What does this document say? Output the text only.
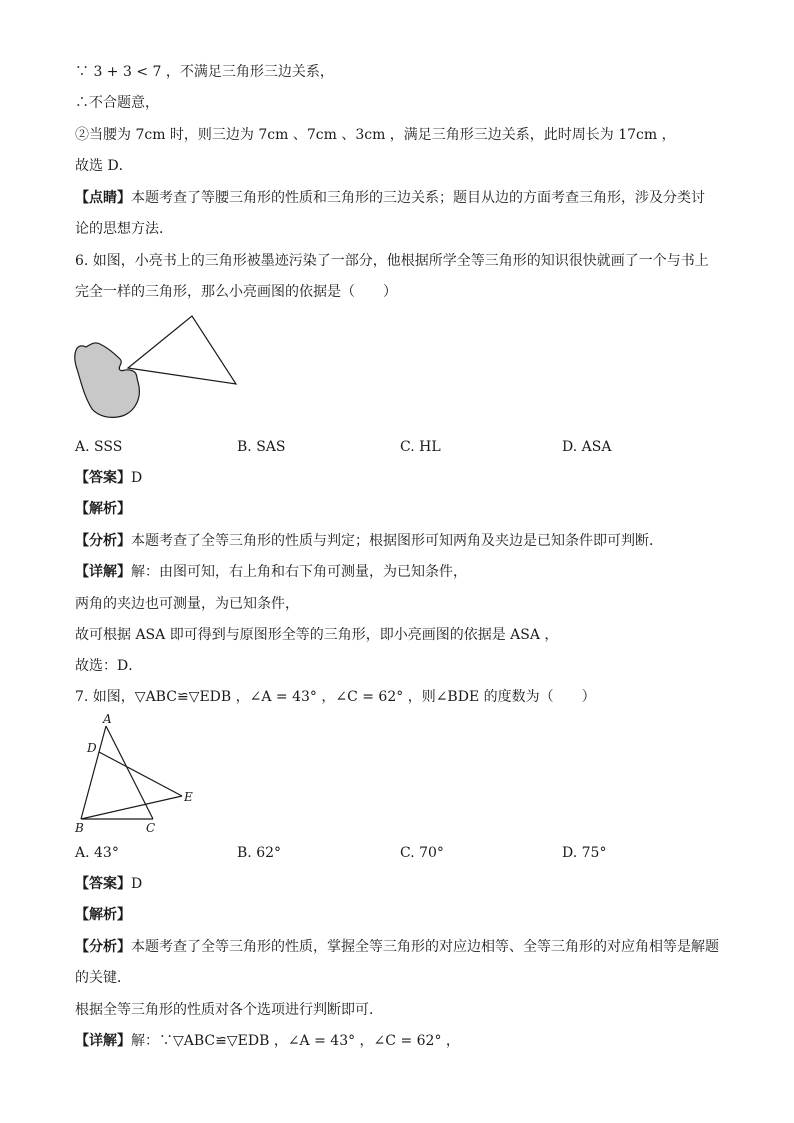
∵ 3 + 3 < 7 ，不满足三角形三边关系，
∴不合题意，
②当腰为 7cm 时，则三边为 7cm 、7cm 、3cm ，满足三角形三边关系，此时周长为 17cm ，
故选 D．
【点睛】本题考查了等腰三角形的性质和三角形的三边关系；题目从边的方面考查三角形，涉及分类讨
论的思想方法．
6. 如图，小亮书上的三角形被墨迹污染了一部分，他根据所学全等三角形的知识很快就画了一个与书上
完全一样的三角形，那么小亮画图的依据是（　　）
A. SSS	B. SAS	C. HL	D. ASA
【答案】D
【解析】
【分析】本题考查了全等三角形的性质与判定；根据图形可知两角及夹边是已知条件即可判断．
【详解】解：由图可知，右上角和右下角可测量，为已知条件，
两角的夹边也可测量，为已知条件，
故可根据 ASA 即可得到与原图形全等的三角形，即小亮画图的依据是 ASA ，
故选：D．
7. 如图，▽ABC≌▽EDB ，∠A = 43° ，∠C = 62° ，则∠BDE 的度数为（　　）
A
D
E
B	C
A. 43°	B. 62°	C. 70°	D. 75°
【答案】D
【解析】
【分析】本题考查了全等三角形的性质，掌握全等三角形的对应边相等、全等三角形的对应角相等是解题
的关键．
根据全等三角形的性质对各个选项进行判断即可．
【详解】解：∵▽ABC≌▽EDB ，∠A = 43° ，∠C = 62° ，
